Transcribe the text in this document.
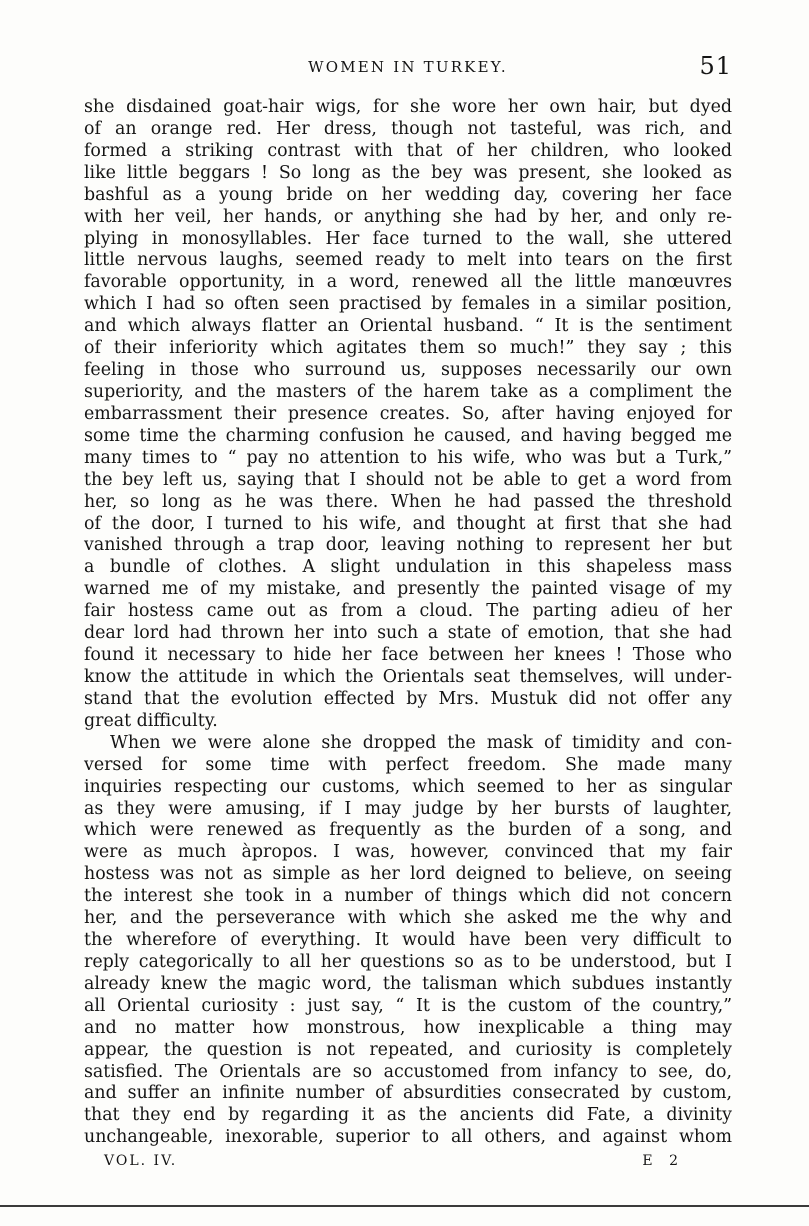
WOMEN IN TURKEY.	51
she disdained goat-hair wigs, for she wore her own hair, but dyed
of an orange red. Her dress, though not tasteful, was rich, and
formed a striking contrast with that of her children, who looked
like little beggars ! So long as the bey was present, she looked as
bashful as a young bride on her wedding day, covering her face
with her veil, her hands, or anything she had by her, and only re-
plying in monosyllables. Her face turned to the wall, she uttered
little nervous laughs, seemed ready to melt into tears on the first
favorable opportunity, in a word, renewed all the little manœuvres
which I had so often seen practised by females in a similar position,
and which always flatter an Oriental husband. “ It is the sentiment
of their inferiority which agitates them so much!” they say ; this
feeling in those who surround us, supposes necessarily our own
superiority, and the masters of the harem take as a compliment the
embarrassment their presence creates. So, after having enjoyed for
some time the charming confusion he caused, and having begged me
many times to “ pay no attention to his wife, who was but a Turk,”
the bey left us, saying that I should not be able to get a word from
her, so long as he was there. When he had passed the threshold
of the door, I turned to his wife, and thought at first that she had
vanished through a trap door, leaving nothing to represent her but
a bundle of clothes. A slight undulation in this shapeless mass
warned me of my mistake, and presently the painted visage of my
fair hostess came out as from a cloud. The parting adieu of her
dear lord had thrown her into such a state of emotion, that she had
found it necessary to hide her face between her knees ! Those who
know the attitude in which the Orientals seat themselves, will under-
stand that the evolution effected by Mrs. Mustuk did not offer any
great difficulty.
When we were alone she dropped the mask of timidity and con-
versed for some time with perfect freedom. She made many
inquiries respecting our customs, which seemed to her as singular
as they were amusing, if I may judge by her bursts of laughter,
which were renewed as frequently as the burden of a song, and
were as much àpropos. I was, however, convinced that my fair
hostess was not as simple as her lord deigned to believe, on seeing
the interest she took in a number of things which did not concern
her, and the perseverance with which she asked me the why and
the wherefore of everything. It would have been very difficult to
reply categorically to all her questions so as to be understood, but I
already knew the magic word, the talisman which subdues instantly
all Oriental curiosity : just say, “ It is the custom of the country,”
and no matter how monstrous, how inexplicable a thing may
appear, the question is not repeated, and curiosity is completely
satisfied. The Orientals are so accustomed from infancy to see, do,
and suffer an infinite number of absurdities consecrated by custom,
that they end by regarding it as the ancients did Fate, a divinity
unchangeable, inexorable, superior to all others, and against whom
VOL. IV.	E 2
